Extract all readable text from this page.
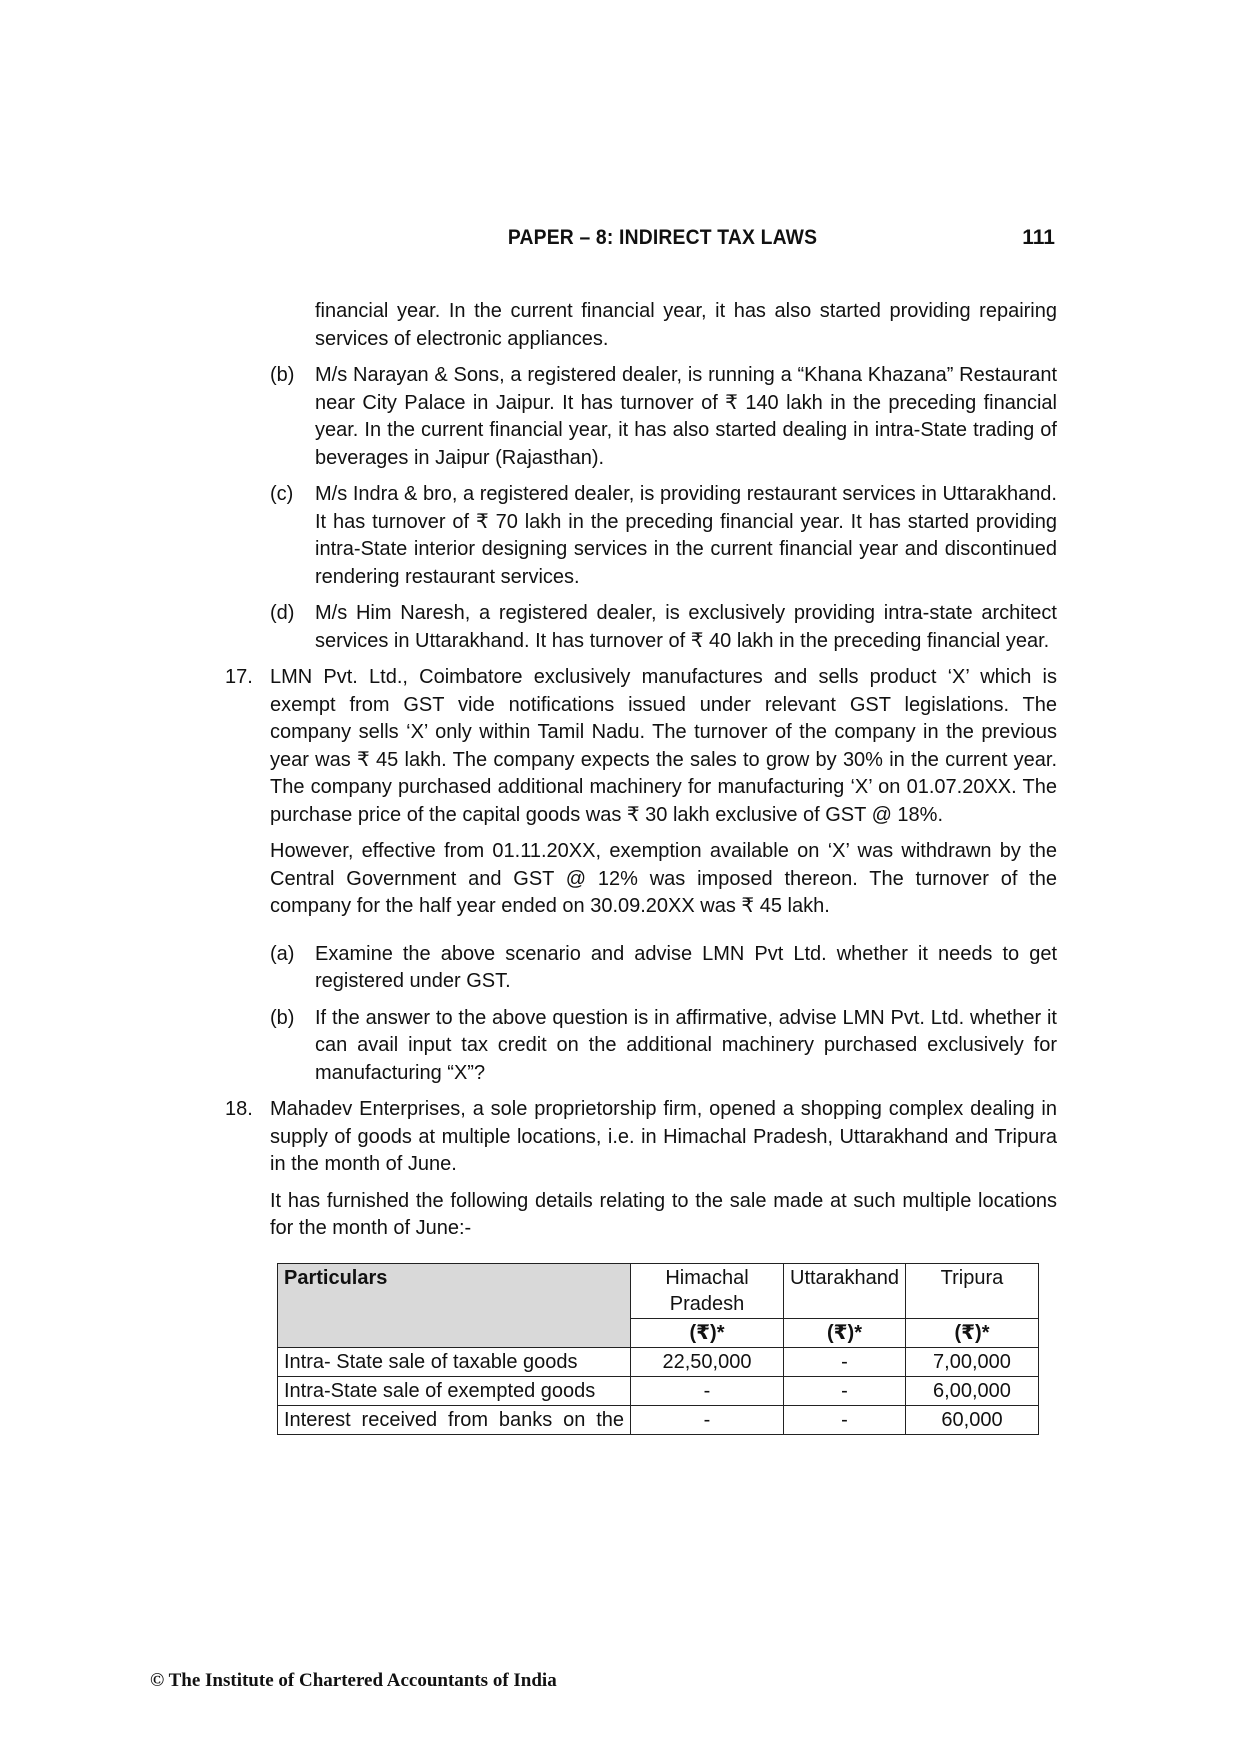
PAPER – 8: INDIRECT TAX LAWS	111

financial year. In the current financial year, it has also started providing repairing services of electronic appliances.

(b)	M/s Narayan & Sons, a registered dealer, is running a “Khana Khazana” Restaurant near City Palace in Jaipur. It has turnover of ₹ 140 lakh in the preceding financial year. In the current financial year, it has also started dealing in intra-State trading of beverages in Jaipur (Rajasthan).
(c)	M/s Indra & bro, a registered dealer, is providing restaurant services in Uttarakhand. It has turnover of ₹ 70 lakh in the preceding financial year. It has started providing intra-State interior designing services in the current financial year and discontinued rendering restaurant services.
(d)	M/s Him Naresh, a registered dealer, is exclusively providing intra-state architect services in Uttarakhand. It has turnover of ₹ 40 lakh in the preceding financial year.
17. LMN Pvt. Ltd., Coimbatore exclusively manufactures and sells product ‘X’ which is exempt from GST vide notifications issued under relevant GST legislations. The company sells ‘X’ only within Tamil Nadu. The turnover of the company in the previous year was ₹ 45 lakh. The company expects the sales to grow by 30% in the current year. The company purchased additional machinery for manufacturing ‘X’ on 01.07.20XX. The purchase price of the capital goods was ₹ 30 lakh exclusive of GST @ 18%.

However, effective from 01.11.20XX, exemption available on ‘X’ was withdrawn by the Central Government and GST @ 12% was imposed thereon. The turnover of the company for the half year ended on 30.09.20XX was ₹ 45 lakh.

(a)	Examine the above scenario and advise LMN Pvt Ltd. whether it needs to get registered under GST.
(b)	If the answer to the above question is in affirmative, advise LMN Pvt. Ltd. whether it can avail input tax credit on the additional machinery purchased exclusively for manufacturing “X”?
18. Mahadev Enterprises, a sole proprietorship firm, opened a shopping complex dealing in supply of goods at multiple locations, i.e. in Himachal Pradesh, Uttarakhand and Tripura in the month of June.

It has furnished the following details relating to the sale made at such multiple locations for the month of June:-

Particulars	Himachal Pradesh	Uttarakhand	Tripura
	(₹)*	(₹)*	(₹)*
Intra- State sale of taxable goods	22,50,000	-	7,00,000
Intra-State sale of exempted goods	-	-	6,00,000
Interest received from banks on the	-	-	60,000
© The Institute of Chartered Accountants of India
